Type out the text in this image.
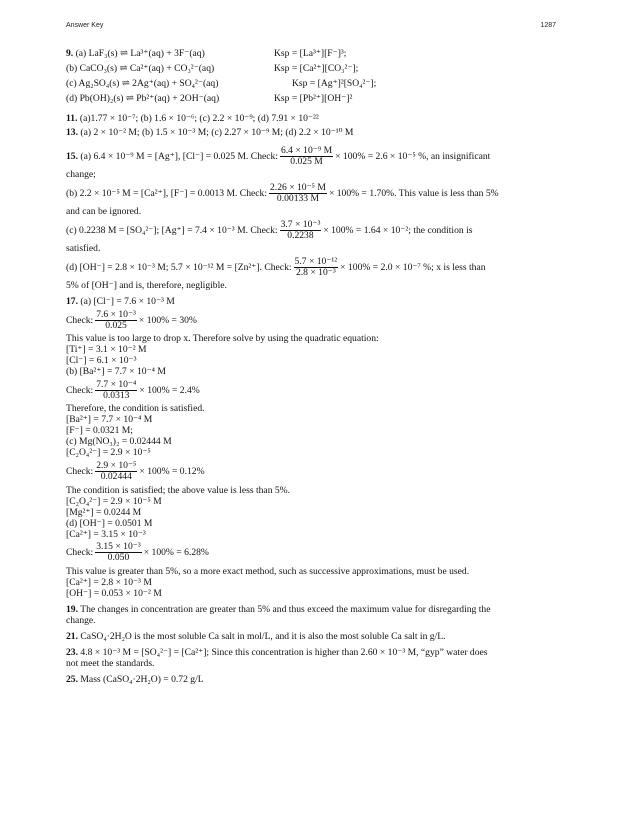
Answer Key	1287
9. (a) LaF₃(s) ⇌ La³⁺(aq) + 3F⁻(aq)	Ksp = [La³⁺][F⁻]³;
(b) CaCO₃(s) ⇌ Ca²⁺(aq) + CO₃²⁻(aq)	Ksp = [Ca²⁺][CO₃²⁻];
(c) Ag₂SO₄(s) ⇌ 2Ag⁺(aq) + SO₄²⁻(aq)	Ksp = [Ag⁺]²[SO₄²⁻];
(d) Pb(OH)₂(s) ⇌ Pb²⁺(aq) + 2OH⁻(aq)	Ksp = [Pb²⁺][OH⁻]²
11. (a)1.77 × 10⁻⁷; (b) 1.6 × 10⁻⁶; (c) 2.2 × 10⁻⁹; (d) 7.91 × 10⁻²²
13. (a) 2 × 10⁻² M; (b) 1.5 × 10⁻³ M; (c) 2.27 × 10⁻⁹ M; (d) 2.2 × 10⁻¹⁰ M
15.
(a) 6.4 × 10⁻⁹ M = [Ag⁺], [Cl⁻] = 0.025 M. Check: $\frac{\text{6.4 × 10⁻⁹ M}}{0.025 M} \times 100\% = 2.6 \times 10^{-5}$ %, an insignificant
change;
(b) 2.2 × 10⁻⁵ M = [Ca²⁺], [F⁻] = 0.0013 M. Check: $\frac{\text{2.26 × 10⁻⁵ M}}{0.00133 M} \times 100\% = 1.70\%$. This value is less than 5%
and can be ignored.
(c) 0.2238 M = [SO₄²⁻]; [Ag⁺] = 7.4 × 10⁻³ M. Check: $\frac{\text{3.7 × 10⁻³}}{0.2238} \times 100\% = 1.64 \times 10^{-2}$; the condition is
satisfied.
(d) [OH⁻] = 2.8 × 10⁻³ M; 5.7 × 10⁻¹² M = [Zn²⁺]. Check: $\frac{\text{5.7 × 10⁻¹²}}{\text{2.8 × 10⁻³}} \times 100\% = 2.0 \times 10^{-7}$ %; x is less than
5% of [OH⁻] and is, therefore, negligible.
17. (a) [Cl⁻] = 7.6 × 10⁻³ M
Check: $\frac{\text{7.6 × 10⁻³}}{0.025} \times 100\% = 30\%$
This value is too large to drop x. Therefore solve by using the quadratic equation:
[Ti⁺] = 3.1 × 10⁻² M
[Cl⁻] = 6.1 × 10⁻³
(b) [Ba²⁺] = 7.7 × 10⁻⁴ M
Check: $\frac{\text{7.7 × 10⁻⁴}}{0.0313} \times 100\% = 2.4\%$
Therefore, the condition is satisfied.
[Ba²⁺] = 7.7 × 10⁻⁴ M
[F⁻] = 0.0321 M;
(c) Mg(NO₃)₂ = 0.02444 M
[C₂O₄²⁻] = 2.9 × 10⁻⁵
Check: $\frac{\text{2.9 × 10⁻⁵}}{0.02444} \times 100\% = 0.12\%$
The condition is satisfied; the above value is less than 5%.
[C₂O₄²⁻] = 2.9 × 10⁻⁵ M
[Mg²⁺] = 0.0244 M
(d) [OH⁻] = 0.0501 M
[Ca²⁺] = 3.15 × 10⁻³
Check: $\frac{\text{3.15 × 10⁻³}}{0.050} \times 100\% = 6.28\%$
This value is greater than 5%, so a more exact method, such as successive approximations, must be used.
[Ca²⁺] = 2.8 × 10⁻³ M
[OH⁻] = 0.053 × 10⁻² M
19. The changes in concentration are greater than 5% and thus exceed the maximum value for disregarding the
change.
21. CaSO₄·2H₂O is the most soluble Ca salt in mol/L, and it is also the most soluble Ca salt in g/L.
23. 4.8 × 10⁻³ M = [SO₄²⁻] = [Ca²⁺]; Since this concentration is higher than 2.60 × 10⁻³ M, “gyp” water does
not meet the standards.
25. Mass (CaSO₄·2H₂O) = 0.72 g/L
